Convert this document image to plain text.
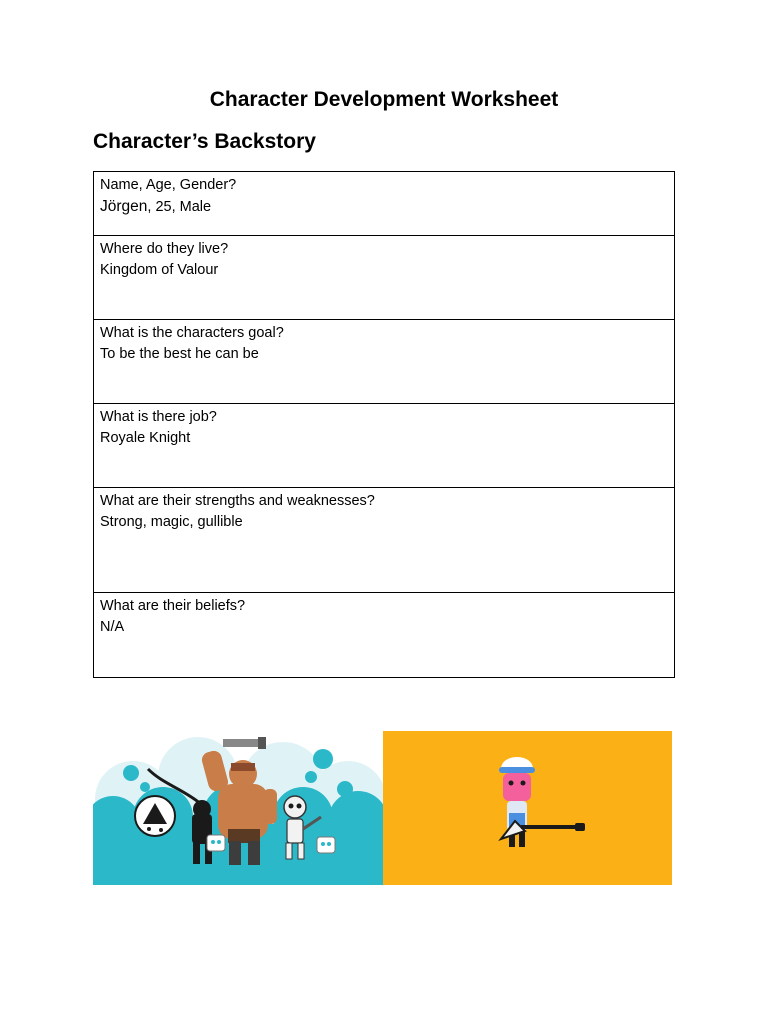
Character Development Worksheet
Character’s Backstory
Name, Age, Gender?
Jörgen, 25, Male

Where do they live?
Kingdom of Valour

What is the characters goal?
To be the best he can be

What is there job?
Royale Knight

What are their strengths and weaknesses?
Strong, magic, gullible

What are their beliefs?
N/A
